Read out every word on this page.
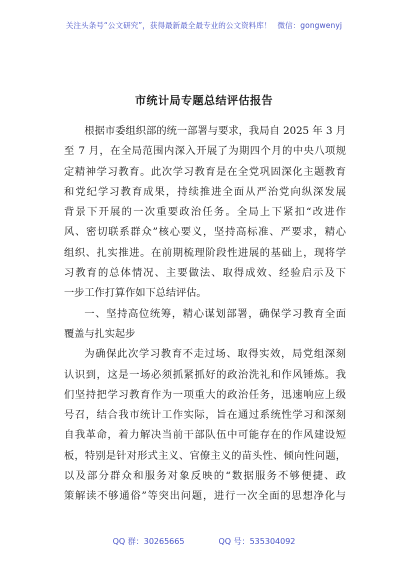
关注头条号“公文研究”，获得最新最全最专业的公文资料库！ 微信：gongwenyj
市统计局专题总结评估报告
根据市委组织部的统一部署与要求，我局自 2025 年 3 月
至 7 月，在全局范围内深入开展了为期四个月的中央八项规
定精神学习教育。此次学习教育是在全党巩固深化主题教育
和党纪学习教育成果，持续推进全面从严治党向纵深发展
背景下开展的一次重要政治任务。全局上下紧扣“改进作
风、密切联系群众”核心要义，坚持高标准、严要求，精心
组织、扎实推进。在前期梳理阶段性进展的基础上，现将学
习教育的总体情况、主要做法、取得成效、经验启示及下
一步工作打算作如下总结评估。
一、坚持高位统筹，精心谋划部署，确保学习教育全面
覆盖与扎实起步
为确保此次学习教育不走过场、取得实效，局党组深刻
认识到，这是一场必须抓紧抓好的政治洗礼和作风锤炼。我
们坚持把学习教育作为一项重大的政治任务，迅速响应上级
号召，结合我市统计工作实际，旨在通过系统性学习和深刻
自我革命，着力解决当前干部队伍中可能存在的作风建设短
板，特别是针对形式主义、官僚主义的苗头性、倾向性问题，
以及部分群众和服务对象反映的“数据服务不够便捷、政
策解读不够通俗”等突出问题，进行一次全面的思想净化与
QQ 群：30265665	QQ 号：535304092
